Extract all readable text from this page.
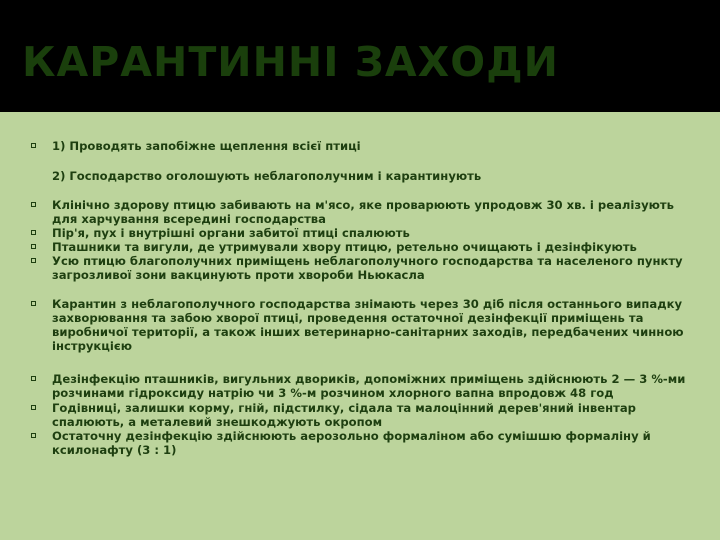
КАРАНТИННІ ЗАХОДИ
1) Проводять запобіжне щеплення всієї птиці
2) Господарство оголошують неблагополучним і карантинують
Клінічно здорову птицю забивають на м'ясо, яке проварюють упродовж 30 хв. і реалізують для харчування всередині господарства
Пір'я, пух і внутрішні органи забитої птиці спалюють
Пташники та вигули, де утримували хвору птицю, ретельно очищають і дезінфікують
Усю птицю благополучних приміщень неблагополучного господарства та населеного пункту загрозливої зони вакцинують проти хвороби Ньюкасла
Карантин з неблагополучного господарства знімають через 30 діб після останнього випадку захворювання та забою хворої птиці, проведення остаточної дезінфекції приміщень та виробничої території, а також інших ветеринарно-санітарних заходів, передбачених чинною інструкцією
Дезінфекцію пташників, вигульних двориків, допоміжних приміщень здійснюють 2 — 3 %-ми розчинами гідроксиду натрію чи 3 %-м розчином хлорного вапна впродовж 48 год
Годівниці, залишки корму, гній, підстилку, сідала та малоцінний дерев'яний інвентар спалюють, а металевий знешкоджують окропом
Остаточну дезінфекцію здійснюють аерозольно формаліном або сумішшю формаліну й ксилонафту (3 : 1)
